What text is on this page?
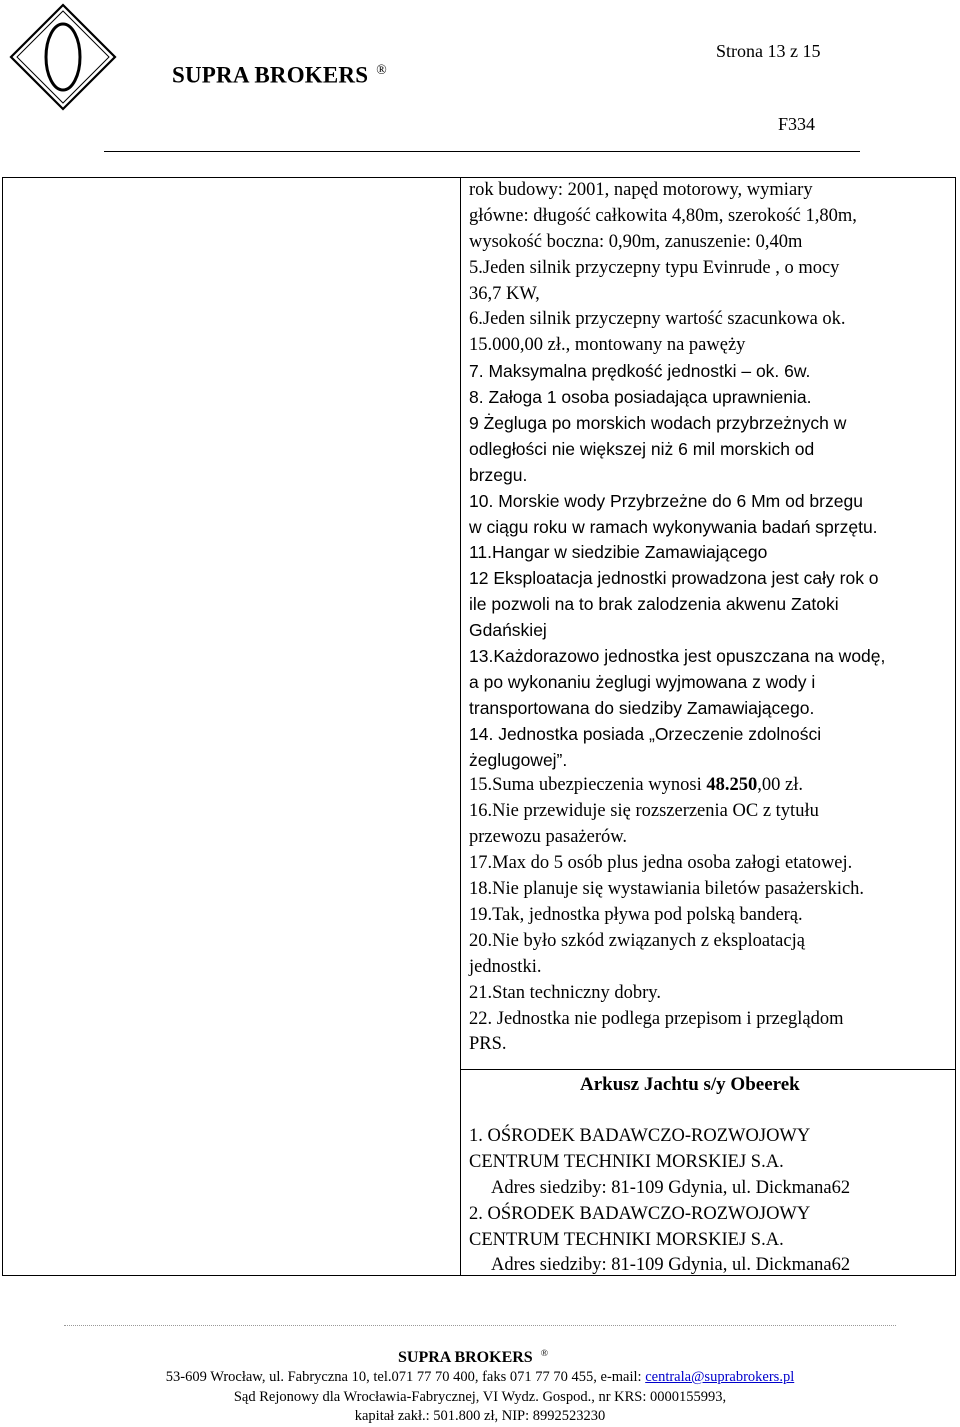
SUPRA BROKERS ®
Strona 13 z 15
F334
rok budowy: 2001, napęd motorowy, wymiary
główne: długość całkowita 4,80m, szerokość 1,80m,
wysokość boczna: 0,90m, zanuszenie: 0,40m
5.Jeden silnik przyczepny typu Evinrude , o mocy
36,7 KW,
6.Jeden silnik przyczepny wartość szacunkowa ok.
15.000,00 zł., montowany na pawęży
7. Maksymalna prędkość jednostki – ok. 6w.
8. Załoga 1 osoba posiadająca uprawnienia.
9 Żegluga po morskich wodach przybrzeżnych w
odległości nie większej niż 6 mil morskich od
brzegu.
10. Morskie wody Przybrzeżne do 6 Mm od brzegu
w ciągu roku w ramach wykonywania badań sprzętu.
11.Hangar w siedzibie Zamawiającego
12 Eksploatacja jednostki prowadzona jest cały rok o
ile pozwoli na to brak zalodzenia akwenu Zatoki
Gdańskiej
13.Każdorazowo jednostka jest opuszczana na wodę,
a po wykonaniu żeglugi wyjmowana z wody i
transportowana do siedziby Zamawiającego.
14. Jednostka posiada „Orzeczenie zdolności
żeglugowej”.
15.Suma ubezpieczenia wynosi 48.250,00 zł.
16.Nie przewiduje się rozszerzenia OC z tytułu
przewozu pasażerów.
17.Max do 5 osób plus jedna osoba załogi etatowej.
18.Nie planuje się wystawiania biletów pasażerskich.
19.Tak, jednostka pływa pod polską banderą.
20.Nie było szkód związanych z eksploatacją
jednostki.
21.Stan techniczny dobry.
22. Jednostka nie podlega przepisom i przeglądom
PRS.
Arkusz Jachtu s/y Obeerek
1. OŚRODEK BADAWCZO-ROZWOJOWY
CENTRUM TECHNIKI MORSKIEJ S.A.
Adres siedziby: 81-109 Gdynia, ul. Dickmana62
2. OŚRODEK BADAWCZO-ROZWOJOWY
CENTRUM TECHNIKI MORSKIEJ S.A.
Adres siedziby: 81-109 Gdynia, ul. Dickmana62
SUPRA BROKERS ®
53-609 Wrocław, ul. Fabryczna 10, tel.071 77 70 400, faks 071 77 70 455, e-mail: centrala@suprabrokers.pl
Sąd Rejonowy dla Wrocławia-Fabrycznej, VI Wydz. Gospod., nr KRS: 0000155993,
kapitał zakł.: 501.800 zł, NIP: 8992523230
